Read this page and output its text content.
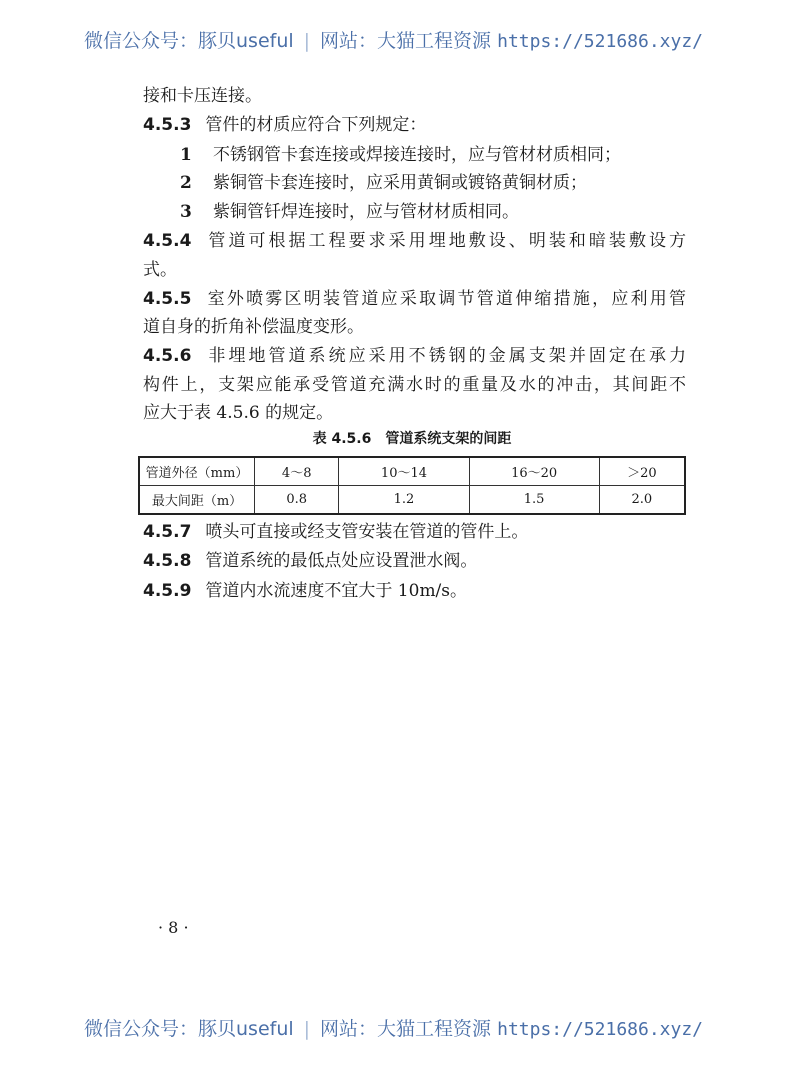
微信公众号：豚贝useful | 网站：大猫工程资源 https://521686.xyz/
接和卡压连接。
4.5.3 管件的材质应符合下列规定：
1 不锈钢管卡套连接或焊接连接时，应与管材材质相同；
2 紫铜管卡套连接时，应采用黄铜或镀铬黄铜材质；
3 紫铜管钎焊连接时，应与管材材质相同。
4.5.4 管道可根据工程要求采用埋地敷设、明装和暗装敷设方
式。
4.5.5 室外喷雾区明装管道应采取调节管道伸缩措施，应利用管
道自身的折角补偿温度变形。
4.5.6 非埋地管道系统应采用不锈钢的金属支架并固定在承力
构件上，支架应能承受管道充满水时的重量及水的冲击，其间距不
应大于表 4.5.6 的规定。
表 4.5.6　管道系统支架的间距
管道外径（mm）	4～8	10～14	16～20	＞20
最大间距（m）	0.8	1.2	1.5	2.0
4.5.7 喷头可直接或经支管安装在管道的管件上。
4.5.8 管道系统的最低点处应设置泄水阀。
4.5.9 管道内水流速度不宜大于 10m/s。
· 8 ·
微信公众号：豚贝useful | 网站：大猫工程资源 https://521686.xyz/
